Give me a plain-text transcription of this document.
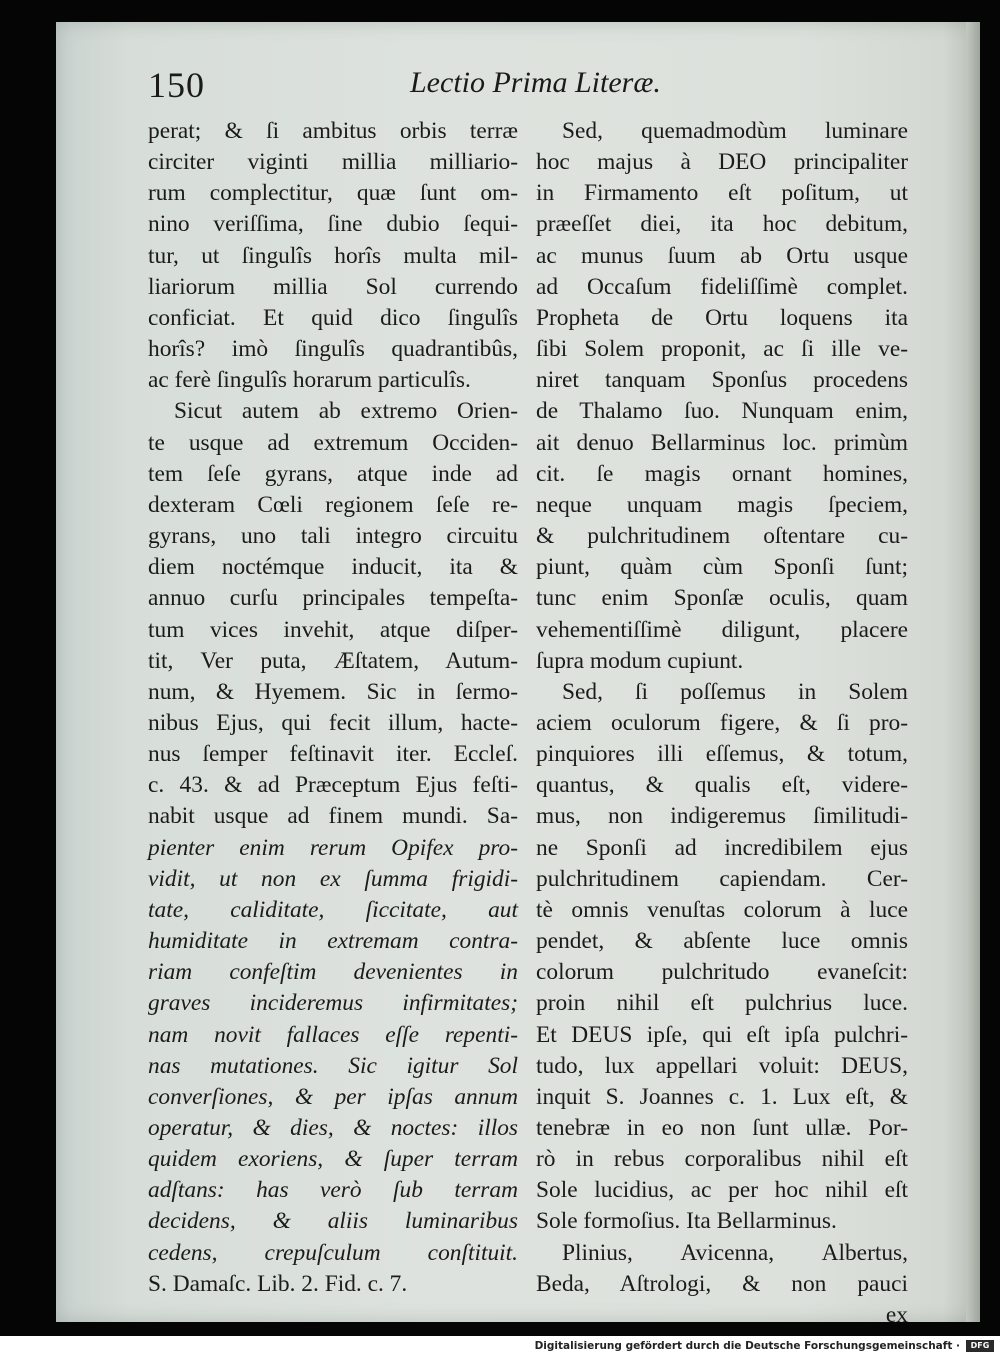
150	Lectio Prima Literæ.
perat; & ſi ambitus orbis terræ
circiter viginti millia milliario-
rum complectitur, quæ ſunt om-
nino veriſſima, ſine dubio ſequi-
tur, ut ſingulîs horîs multa mil-
liariorum millia Sol currendo
conficiat. Et quid dico ſingulîs
horîs? imò ſingulîs quadrantibûs,
ac ferè ſingulîs horarum particulîs.
Sicut autem ab extremo Orien-
te usque ad extremum Occiden-
tem ſeſe gyrans, atque inde ad
dexteram Cœli regionem ſeſe re-
gyrans, uno tali integro circuitu
diem noctémque inducit, ita &
annuo curſu principales tempeſta-
tum vices invehit, atque diſper-
tit, Ver puta, Æſtatem, Autum-
num, & Hyemem. Sic in ſermo-
nibus Ejus, qui fecit illum, hacte-
nus ſemper feſtinavit iter. Eccleſ.
c. 43. & ad Præceptum Ejus feſti-
nabit usque ad finem mundi. Sa-
pienter enim rerum Opifex pro-
vidit, ut non ex ſumma frigidi-
tate, caliditate, ſiccitate, aut
humiditate in extremam contra-
riam confeſtim devenientes in
graves incideremus infirmitates;
nam novit fallaces eſſe repenti-
nas mutationes. Sic igitur Sol
converſiones, & per ipſas annum
operatur, & dies, & noctes: illos
quidem exoriens, & ſuper terram
adſtans: has verò ſub terram
decidens, & aliis luminaribus
cedens, crepuſculum conſtituit.
S. Damaſc. Lib. 2. Fid. c. 7.
Sed, quemadmodùm luminare
hoc majus à DEO principaliter
in Firmamento eſt poſitum, ut
præeſſet diei, ita hoc debitum,
ac munus ſuum ab Ortu usque
ad Occaſum fideliſſimè complet.
Propheta de Ortu loquens ita
ſibi Solem proponit, ac ſi ille ve-
niret tanquam Sponſus procedens
de Thalamo ſuo. Nunquam enim,
ait denuo Bellarminus loc. primùm
cit. ſe magis ornant homines,
neque unquam magis ſpeciem,
& pulchritudinem oſtentare cu-
piunt, quàm cùm Sponſi ſunt;
tunc enim Sponſæ oculis, quam
vehementiſſimè diligunt, placere
ſupra modum cupiunt.
Sed, ſi poſſemus in Solem
aciem oculorum figere, & ſi pro-
pinquiores illi eſſemus, & totum,
quantus, & qualis eſt, videre-
mus, non indigeremus ſimilitudi-
ne Sponſi ad incredibilem ejus
pulchritudinem capiendam. Cer-
tè omnis venuſtas colorum à luce
pendet, & abſente luce omnis
colorum pulchritudo evaneſcit:
proin nihil eſt pulchrius luce.
Et DEUS ipſe, qui eſt ipſa pulchri-
tudo, lux appellari voluit: DEUS,
inquit S. Joannes c. 1. Lux eſt, &
tenebræ in eo non ſunt ullæ. Por-
rò in rebus corporalibus nihil eſt
Sole lucidius, ac per hoc nihil eſt
Sole formoſius. Ita Bellarminus.
Plinius, Avicenna, Albertus,
Beda, Aſtrologi, & non pauci
ex
Digitalisierung gefördert durch die Deutsche Forschungsgemeinschaft ·	DFG
